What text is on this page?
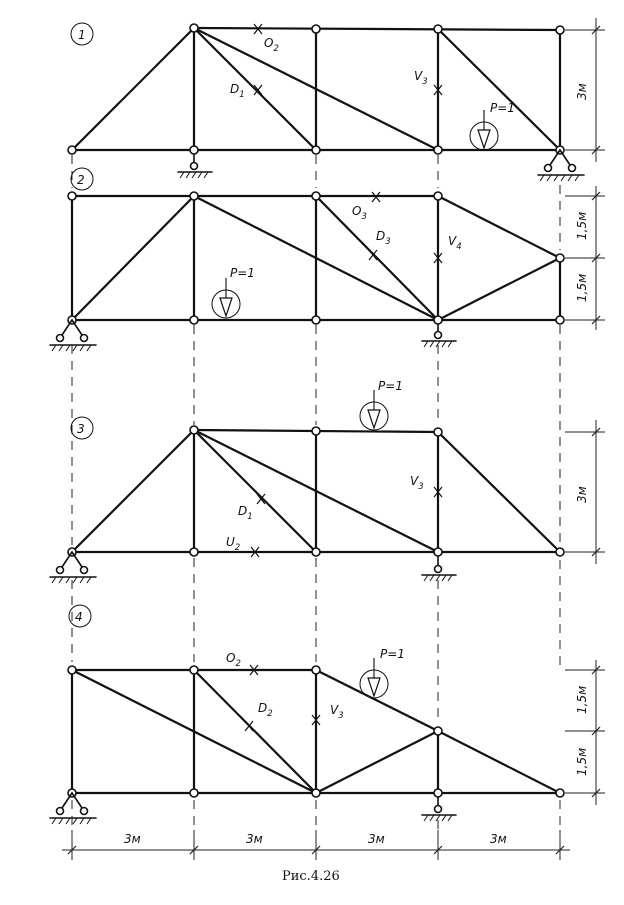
1
$O_2$
$D_1$
$V_3$
P=1
3м
2
$O_3$
$D_3$	$V_4$
P=1
1,5м
1,5м
3
$D_1$
$U_2$
$V_3$
P=1
3м
4
$O_2$
$D_2$	$V_3$
P=1
1,5м
1,5м
3м	3м	3м	3м
Рис.4.26
